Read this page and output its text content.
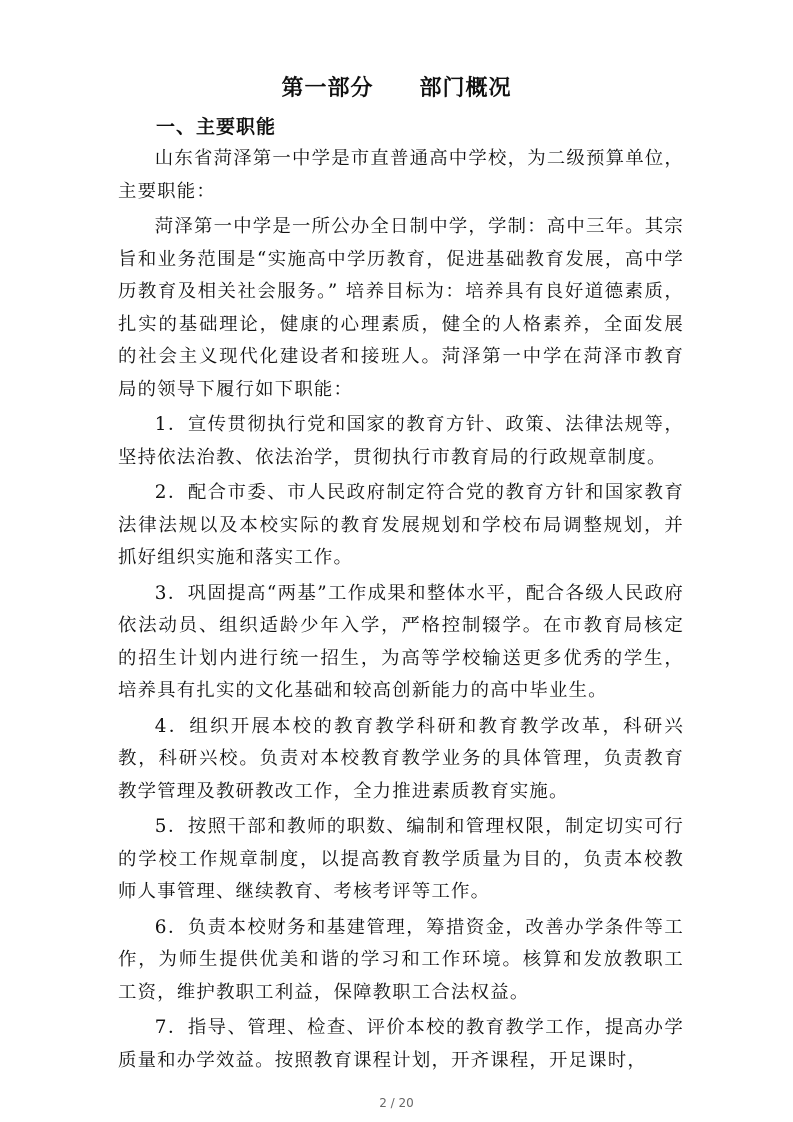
第一部分 部门概况
一、主要职能

山东省菏泽第一中学是市直普通高中学校，为二级预算单位，主要职能：

菏泽第一中学是一所公办全日制中学，学制：高中三年。其宗旨和业务范围是“实施高中学历教育，促进基础教育发展，高中学历教育及相关社会服务。” 培养目标为：培养具有良好道德素质，扎实的基础理论，健康的心理素质，健全的人格素养，全面发展的社会主义现代化建设者和接班人。菏泽第一中学在菏泽市教育局的领导下履行如下职能：

1．宣传贯彻执行党和国家的教育方针、政策、法律法规等，坚持依法治教、依法治学，贯彻执行市教育局的行政规章制度。

2．配合市委、市人民政府制定符合党的教育方针和国家教育法律法规以及本校实际的教育发展规划和学校布局调整规划，并抓好组织实施和落实工作。

3．巩固提高“两基”工作成果和整体水平，配合各级人民政府依法动员、组织适龄少年入学，严格控制辍学。在市教育局核定的招生计划内进行统一招生，为高等学校输送更多优秀的学生，培养具有扎实的文化基础和较高创新能力的高中毕业生。

4．组织开展本校的教育教学科研和教育教学改革，科研兴教，科研兴校。负责对本校教育教学业务的具体管理，负责教育教学管理及教研教改工作，全力推进素质教育实施。

5．按照干部和教师的职数、编制和管理权限，制定切实可行的学校工作规章制度，以提高教育教学质量为目的，负责本校教师人事管理、继续教育、考核考评等工作。

6．负责本校财务和基建管理，筹措资金，改善办学条件等工作，为师生提供优美和谐的学习和工作环境。核算和发放教职工工资，维护教职工利益，保障教职工合法权益。

7．指导、管理、检查、评价本校的教育教学工作，提高办学质量和办学效益。按照教育课程计划，开齐课程，开足课时，

2 / 20
